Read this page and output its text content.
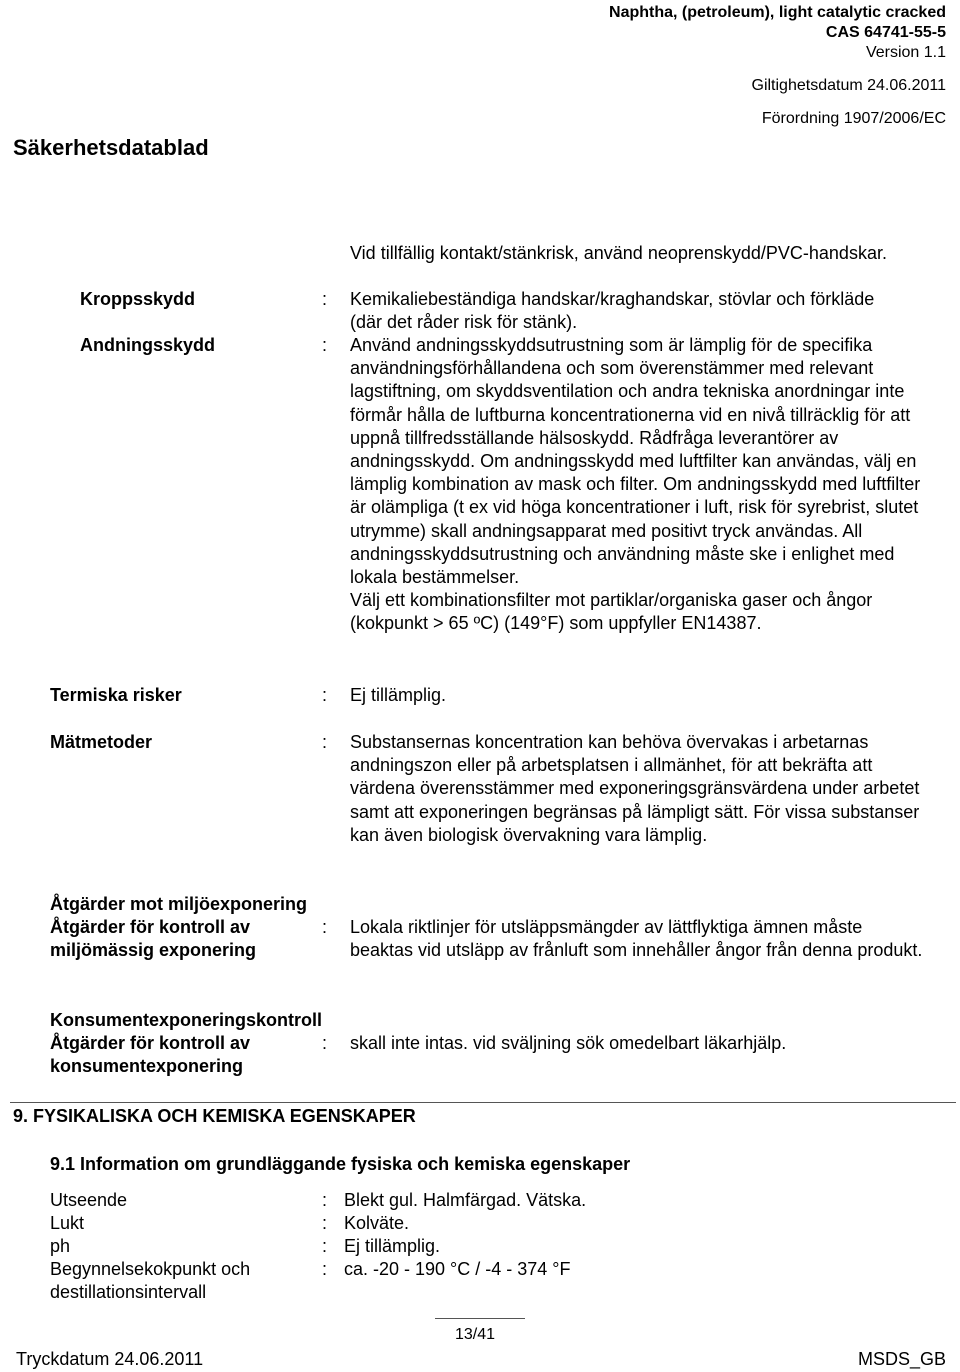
Naphtha, (petroleum), light catalytic cracked
CAS 64741-55-5
Version 1.1
Giltighetsdatum 24.06.2011
Förordning 1907/2006/EC
Säkerhetsdatablad
Vid tillfällig kontakt/stänkrisk, använd neoprenskydd/PVC-handskar.
Kroppsskydd	: Kemikaliebeständiga handskar/kraghandskar, stövlar och förkläde (där det råder risk för stänk).
Andningsskydd	: Använd andningsskyddsutrustning som är lämplig för de specifika användningsförhållandena och som överenstämmer med relevant lagstiftning, om skyddsventilation och andra tekniska anordningar inte förmår hålla de luftburna koncentrationerna vid en nivå tillräcklig för att uppnå tillfredsställande hälsoskydd. Rådfråga leverantörer av andningsskydd. Om andningsskydd med luftfilter kan användas, välj en lämplig kombination av mask och filter. Om andningsskydd med luftfilter är olämpliga (t ex vid höga koncentrationer i luft, risk för syrebrist, slutet utrymme) skall andningsapparat med positivt tryck användas. All andningsskyddsutrustning och användning måste ske i enlighet med lokala bestämmelser.

Välj ett kombinationsfilter mot partiklar/organiska gaser och ångor (kokpunkt > 65 ºC) (149°F) som uppfyller EN14387.

Termiska risker	: Ej tillämplig.
Mätmetoder	: Substansernas koncentration kan behöva övervakas i arbetarnas andningszon eller på arbetsplatsen i allmänhet, för att bekräfta att värdena överensstämmer med exponeringsgränsvärdena under arbetet samt att exponeringen begränsas på lämpligt sätt. För vissa substanser kan även biologisk övervakning vara lämplig.
Åtgärder mot miljöexponering
Åtgärder för kontroll av
miljömässig exponering
: Lokala riktlinjer för utsläppsmängder av lättflyktiga ämnen måste beaktas vid utsläpp av frånluft som innehåller ångor från denna produkt.
Konsumentexponeringskontroll
Åtgärder för kontroll av
konsumentexponering
: skall inte intas. vid sväljning sök omedelbart läkarhjälp.
9. FYSIKALISKA OCH KEMISKA EGENSKAPER
9.1 Information om grundläggande fysiska och kemiska egenskaper
Utseende	: Blekt gul. Halmfärgad. Vätska.
Lukt	: Kolväte.
ph	: Ej tillämplig.
Begynnelsekokpunkt och destillationsintervall
: ca. -20 - 190 °C / -4 - 374 °F
13/41
Tryckdatum 24.06.2011	MSDS_GB
